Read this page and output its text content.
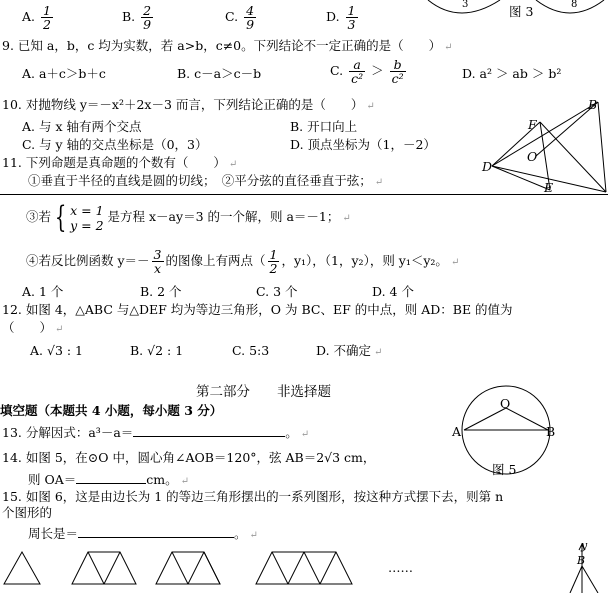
A. $\frac{1}{2}$	B. $\frac{2}{9}$	C. $\frac{4}{9}$	D. $\frac{1}{3}$	3	图 3	8
9. 已知 a，b，c 均为实数，若 a>b，c≠0。下列结论不一定正确的是（　　） ↵
A. a＋c＞b＋c	B. c－a＞c－b	C. $\frac{a}{\text{c²}} > \frac{b}{\text{c²}}$	D. a² ＞ ab ＞ b²
10. 对抛物线 y＝－x²＋2x－3 而言，下列结论正确的是（　　） ↵
A. 与 x 轴有两个交点	B. 开口向上
C. 与 y 轴的交点坐标是（0，3）	D. 顶点坐标为（1，－2）
11. 下列命题是真命题的个数有（　　） ↵
①垂直于半径的直线是圆的切线；　②平分弦的直径垂直于弦； ↵
B
F
O
D
E
③若 { x = 1
y = 2
是方程 x－ay＝3 的一个解，则 a＝－1； ↵
④若反比例函数 $y=- \frac{3}{x}$ 的图像上有两点（ $\frac{1}{2}$ ，y₁），（1，y₂），则 y₁＜y₂。 ↵
A. 1 个	B. 2 个	C. 3 个	D. 4 个
12. 如图 4，△ABC 与△DEF 均为等边三角形，O 为 BC、EF 的中点，则 AD：BE 的值为
（　　） ↵
A. √3 : 1	B. √2 : 1	C. 5:3	D. 不确定 ↵
第二部分　　非选择题
填空题（本题共 4 小题，每小题 3 分）
13. 分解因式：a³－a＝	。 ↵
14. 如图 5，在⊙O 中，圆心角∠AOB＝120°，弦 AB＝2√3 cm，
则 OA＝	cm。 ↵
O
A	B
图 5
15. 如图 6，这是由边长为 1 的等边三角形摆出的一系列图形，按这种方式摆下去，则第 n
个图形的
周长是＝	。 ↵
……
y
B
